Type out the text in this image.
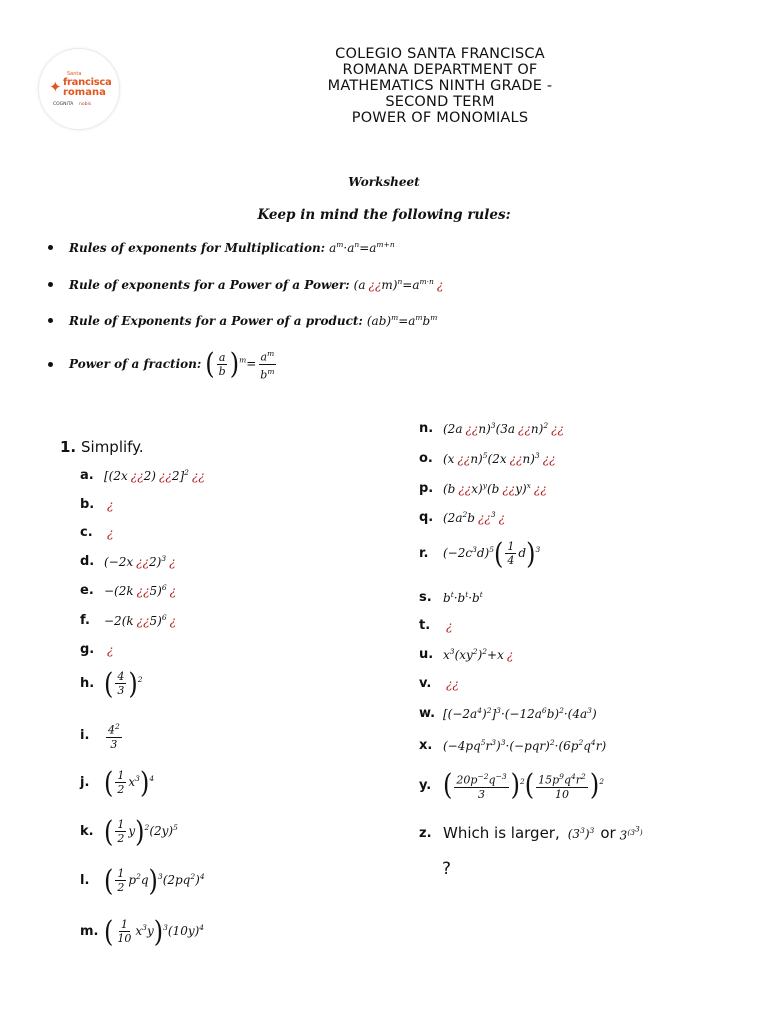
✦
Santa
francisca
romana
COGNITA nobis
COLEGIO SANTA FRANCISCA
ROMANA DEPARTMENT OF
MATHEMATICS NINTH GRADE -
SECOND TERM
POWER OF MONOMIALS
Worksheet
Keep in mind the following rules:
Rules of exponents for Multiplication: $a^m\cdot a^n=a^{m+n}$
Rule of exponents for a Power of a Power: (a ¿¿$m)^n=a^{m\cdot n}$ ¿
Rule of Exponents for a Power of a product: $(ab)^m=a^mb^m$
Power of a fraction: ( $\frac{a}{b} )^m= \frac{a^m}{b^m}$
1. Simplify.
a. [(2x ¿¿2) ¿¿2]$^2$ ¿¿
b.	¿
c.	¿
d. (−2x ¿¿2)$^3$ ¿
e. −(2k ¿¿5)$^6$ ¿
f.	−2(k ¿¿5)$^6$ ¿
g.	¿
h. ( $\frac{4}{3} )^2$
i.	$\frac{4^2}{3}$
j. ( $\frac{1}{2} x^3)^4$
k. ( $\frac{1}{2} y)^2(2y)^5$
l. ( $\frac{1}{2} p^2q)^3(2pq^2)^4$
m. ( $\frac{1}{10} x^3y)^3(10y)^4$
n. (2a ¿¿n)$^3$(3a ¿¿n)$^2$ ¿¿
o. (x ¿¿n)$^5$(2x ¿¿n)$^3$ ¿¿
p. (b ¿¿x)$^y$(b ¿¿y)$^x$ ¿¿
q. ($2a^2b$ ¿¿$^3$ ¿
r.	$(-2c^3d)^5( \frac{1}{4} d)^3$
s. $b^t\cdot b^t\cdot b^t$
t.	¿
u. $x^3(xy^2)^2+x$ ¿
v.	¿¿
w. $[(-2a^4)^2]^3\cdot(-12a^6b)^2\cdot(4a^3)$
x. $(-4pq^5r^3)^3\cdot(-pqr)^2\cdot(6p^2q^4r)$
y. ( $\frac{20p^{-2}q^{-3}}{3} )^2( \frac{15p^9q^4r^2}{10} )^2$
z. Which is larger, $(3^3)^3$ or 3$^{(3^3)}$
?
